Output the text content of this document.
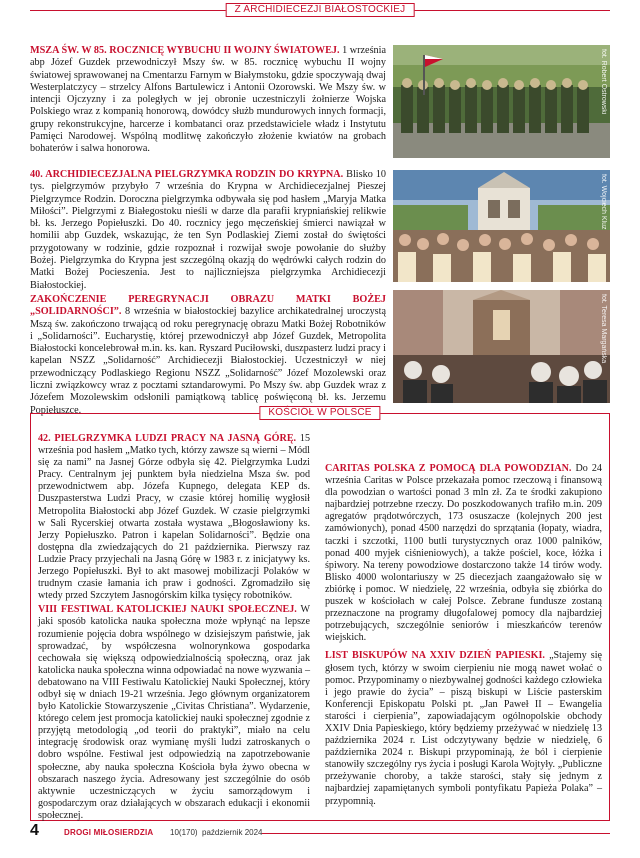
Z ARCHIDIECEZJI BIAŁOSTOCKIEJ
MSZA ŚW. W 85. ROCZNICĘ WYBUCHU II WOJNY ŚWIATOWEJ. 1 września abp Józef Guzdek przewodniczył Mszy św. w 85. rocznicę wybuchu II wojny światowej sprawowanej na Cmentarzu Farnym w Białymstoku, gdzie spoczywają dwaj Westerplatczycy – strzelcy Alfons Bartulewicz i Antonii Ozorowski. We Mszy św. w intencji Ojczyzny i za poległych w jej obronie uczestniczyli żołnierze Wojska Polskiego wraz z kompanią honorową, dowódcy służb mundurowych innych formacji, grupy rekonstrukcyjne, harcerze i kombatanci oraz przedstawiciele władz i Instytutu Pamięci Narodowej. Wspólną modlitwę zakończyło złożenie kwiatów na grobach bohaterów i salwa honorowa.
fot. Robert Ostrowski
40. ARCHIDIECEZJALNA PIELGRZYMKA RODZIN DO KRYPNA. Blisko 10 tys. pielgrzymów przybyło 7 września do Krypna w Archidiecezjalnej Pieszej Pielgrzymce Rodzin. Doroczna pielgrzymka odbywała się pod hasłem „Maryja Matka Miłości”. Pielgrzymi z Białegostoku nieśli w darze dla parafii krypniańskiej relikwie bł. ks. Jerzego Popiełuszki. Do 40. rocznicy jego męczeńskiej śmierci nawiązał w homilii abp Guzdek, wskazując, że ten Syn Podlaskiej Ziemi został do świętości przygotowany w rodzinie, gdzie rozpoznał i rozwijał swoje powołanie do służby Bożej. Pielgrzymka do Krypna jest szczególną okazją do wędrówki całych rodzin do Matki Bożej Pocieszenia. Jest to najliczniejsza pielgrzymka Archidiecezji Białostockiej.
fot. Wojciech Kluz
ZAKOŃCZENIE PEREGRYNACJI OBRAZU MATKI BOŻEJ „SOLIDARNOŚCI”. 8 września w białostockiej bazylice archikatedralnej uroczystą Mszą św. zakończono trwającą od roku peregrynację obrazu Matki Bożej Robotników i „Solidarności”. Eucharystię, której przewodniczył abp Józef Guzdek, Metropolita Białostocki koncelebrował m.in. ks. kan. Ryszard Puciłowski, duszpasterz ludzi pracy i kapelan NSZZ „Solidarność” Archidiecezji Białostockiej. Uczestniczył w niej przewodniczący Podlaskiego Regionu NSZZ „Solidarność” Józef Mozolewski oraz liczni związkowcy wraz z pocztami sztandarowymi. Po Mszy św. abp Guzdek wraz z Józefem Mozolewskim odsłonili pamiątkową tablicę poświęconą bł. ks. Jerzemu Popiełuszce.
fot. Teresa Margańska
KOŚCIÓŁ W POLSCE

42. PIELGRZYMKA LUDZI PRACY NA JASNĄ GÓRĘ. 15 września pod hasłem „Matko tych, którzy zawsze są wierni – Módl się za nami” na Jasnej Górze odbyła się 42. Pielgrzymka Ludzi Pracy. Centralnym jej punktem była niedzielna Msza św. pod przewodnictwem abp. Józefa Kupnego, delegata KEP ds. Duszpasterstwa Ludzi Pracy, w czasie której homilię wygłosił Metropolita Białostocki abp Józef Guzdek. W czasie pielgrzymki w Sali Rycerskiej otwarta została wystawa „Błogosławiony ks. Jerzy Popiełuszko. Patron i kapelan Solidarności”. Będzie ona dostępna dla zwiedzających do 21 października. Pierwszy raz Ludzie Pracy przyjechali na Jasną Górę w 1983 r. z inicjatywy ks. Jerzego Popiełuszki. Był to akt masowej mobilizacji Polaków w trudnym czasie łamania ich praw i godności. Zgromadziło się wtedy przed Szczytem Jasnogórskim kilka tysięcy robotników.

VIII FESTIWAL KATOLICKIEJ NAUKI SPOŁECZNEJ. W jaki sposób katolicka nauka społeczna może wpłynąć na lepsze rozumienie pojęcia dobra wspólnego w dzisiejszym państwie, jak sprowadzać, by współczesna wolnorynkowa gospodarka cechowała się większą odpowiedzialnością społeczną, oraz jak katolicka nauka społeczna winna odpowiadać na nowe wyzwania – debatowano na VIII Festiwalu Katolickiej Nauki Społecznej, który odbył się w dniach 19-21 września. Jego głównym organizatorem było Katolickie Stowarzyszenie „Civitas Christiana”. Wydarzenie, którego celem jest promocja katolickiej nauki społecznej zgodnie z przyjętą metodologią „od teorii do praktyki”, miało na celu integrację środowisk oraz wymianę myśli ludzi zatroskanych o dobro wspólne. Festiwal jest odpowiedzią na zapotrzebowanie społeczne, aby nauka społeczna Kościoła była żywo obecna w obszarach naszego życia. Adresowany jest szczególnie do osób aktywnie uczestniczących w życiu samorządowym i gospodarczym oraz działających w obszarach edukacji i ekonomii społecznej.

CARITAS POLSKA Z POMOCĄ DLA POWODZIAN. Do 24 września Caritas w Polsce przekazała pomoc rzeczową i finansową dla powodzian o wartości ponad 3 mln zł. Za te środki zakupiono najbardziej potrzebne rzeczy. Do poszkodowanych trafiło m.in. 209 agregatów prądotwórczych, 173 osuszacze (kolejnych 200 jest zamówionych), ponad 4500 narzędzi do sprzątania (łopaty, wiadra, taczki i szczotki, 1100 butli turystycznych oraz 1000 palników, ponad 400 myjek ciśnieniowych), a także pościel, koce, łóżka i śpiwory. Na tereny powodziowe dostarczono także 14 tirów wody. Blisko 4000 wolontariuszy w 25 diecezjach zaangażowało się w zbiórkę i pomoc. W niedzielę, 22 września, odbyła się zbiórka do puszek w kościołach w całej Polsce. Zebrane fundusze zostaną przeznaczone na programy długofalowej pomocy dla najbardziej potrzebujących, szczególnie seniorów i mieszkańców terenów wiejskich.

LIST BISKUPÓW NA XXIV DZIEŃ PAPIESKI. „Stajemy się głosem tych, którzy w swoim cierpieniu nie mogą nawet wołać o pomoc. Przypominamy o niezbywalnej godności każdego człowieka i jego prawie do życia” – piszą biskupi w Liście pasterskim Konferencji Episkopatu Polski pt. „Jan Paweł II – Ewangelia starości i cierpienia”, zapowiadającym ogólnopolskie obchody XXIV Dnia Papieskiego, który będziemy przeżywać w niedzielę 13 października 2024 r. List odczytywany będzie w niedzielę, 6 października 2024 r. Biskupi przypominają, że ból i cierpienie stanowiły szczególny rys życia i posługi Karola Wojtyły. „Publiczne przeżywanie choroby, a także starości, stały się jednym z najbardziej zapamiętanych symboli pontyfikatu Papieża Polaka” – przypomnią.

4	DROGI MIŁOSIERDZIA 10(170) październik 2024
